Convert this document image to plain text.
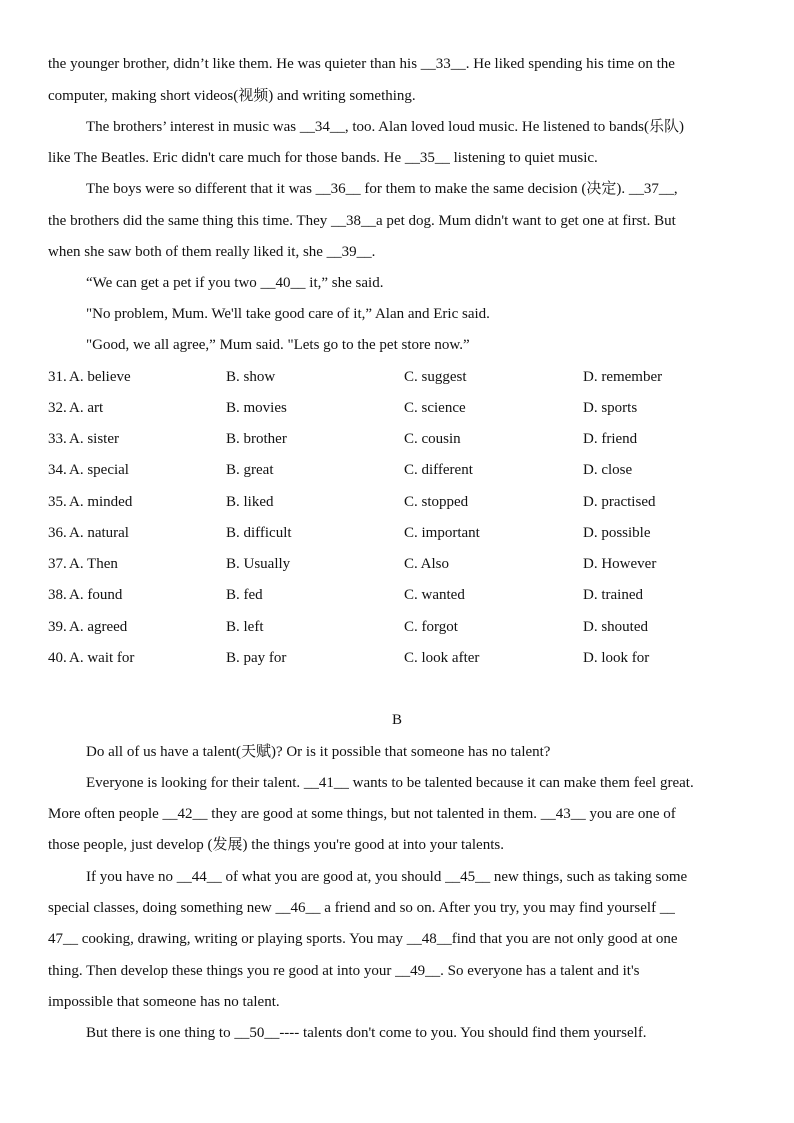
the younger brother, didn’t like them. He was quieter than his __33__. He liked spending his time on the
computer, making short videos(视频) and writing something.
The brothers’ interest in music was __34__, too. Alan loved loud music. He listened to bands(乐队)
like The Beatles. Eric didn't care much for those bands. He __35__ listening to quiet music.
The boys were so different that it was __36__ for them to make the same decision (决定). __37__,
the brothers did the same thing this time. They __38__a pet dog. Mum didn't want to get one at first. But
when she saw both of them really liked it, she __39__.
“We can get a pet if you two __40__ it,” she said.
"No problem, Mum. We'll take good care of it,” Alan and Eric said.
"Good, we all agree,” Mum said. "Lets go to the pet store now.”
31. A. believe	B. show	C. suggest	D. remember
32. A. art	B. movies	C. science	D. sports
33. A. sister	B. brother	C. cousin	D. friend
34. A. special	B. great	C. different	D. close
35. A. minded	B. liked	C. stopped	D. practised
36. A. natural	B. difficult	C. important	D. possible
37. A. Then	B. Usually	C. Also	D. However
38. A. found	B. fed	C. wanted	D. trained
39. A. agreed	B. left	C. forgot	D. shouted
40. A. wait for	B. pay for	C. look after	D. look for
B
Do all of us have a talent(天赋)? Or is it possible that someone has no talent?
Everyone is looking for their talent. __41__ wants to be talented because it can make them feel great.
More often people __42__ they are good at some things, but not talented in them. __43__ you are one of
those people, just develop (发展) the things you're good at into your talents.
If you have no __44__ of what you are good at, you should __45__ new things, such as taking some
special classes, doing something new __46__ a friend and so on. After you try, you may find yourself __
47__ cooking, drawing, writing or playing sports. You may __48__find that you are not only good at one
thing. Then develop these things you re good at into your __49__. So everyone has a talent and it's
impossible that someone has no talent.
But there is one thing to __50__---- talents don't come to you. You should find them yourself.
